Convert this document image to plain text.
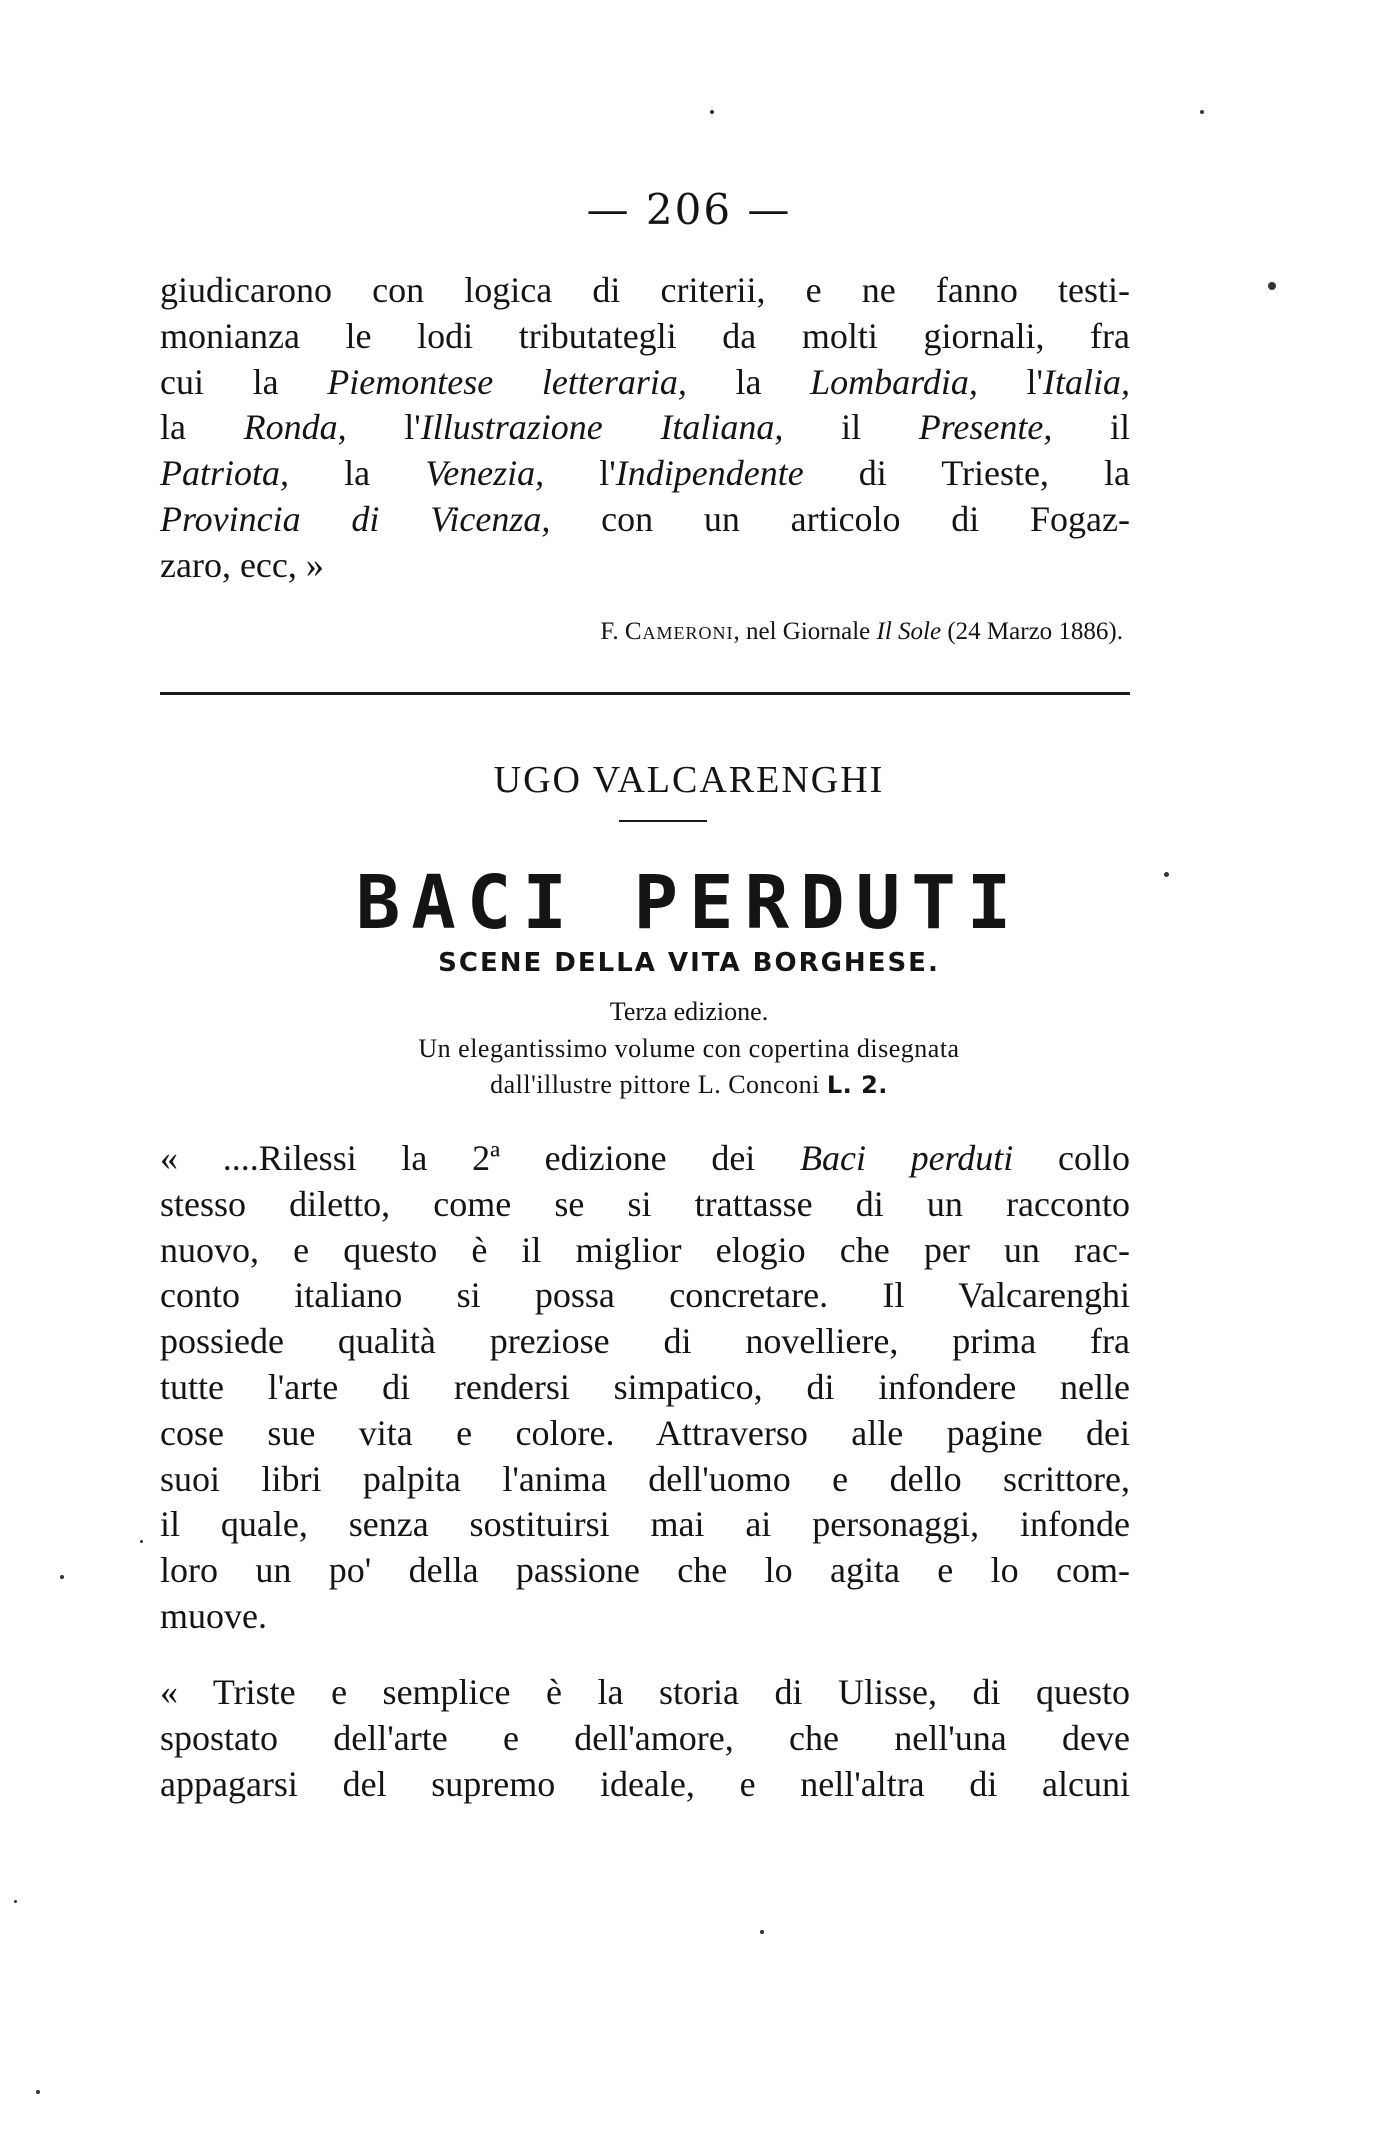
— 206 —
giudicarono con logica di criterii, e ne fanno testi-
monianza le lodi tributategli da molti giornali, fra
cui la Piemontese letteraria, la Lombardia, l'Italia,
la Ronda, l'Illustrazione Italiana, il Presente, il
Patriota, la Venezia, l'Indipendente di Trieste, la
Provincia di Vicenza, con un articolo di Fogaz-
zaro, ecc, »
F. Cameroni, nel Giornale Il Sole (24 Marzo 1886).
UGO VALCARENGHI
BACI PERDUTI
SCENE DELLA VITA BORGHESE.
Terza edizione.
Un elegantissimo volume con copertina disegnata
dall'illustre pittore L. Conconi L. 2.
« ....Rilessi la 2ª edizione dei Baci perduti collo
stesso diletto, come se si trattasse di un racconto
nuovo, e questo è il miglior elogio che per un rac-
conto italiano si possa concretare. Il Valcarenghi
possiede qualità preziose di novelliere, prima fra
tutte l'arte di rendersi simpatico, di infondere nelle
cose sue vita e colore. Attraverso alle pagine dei
suoi libri palpita l'anima dell'uomo e dello scrittore,
il quale, senza sostituirsi mai ai personaggi, infonde
loro un po' della passione che lo agita e lo com-
muove.
« Triste e semplice è la storia di Ulisse, di questo
spostato dell'arte e dell'amore, che nell'una deve
appagarsi del supremo ideale, e nell'altra di alcuni
